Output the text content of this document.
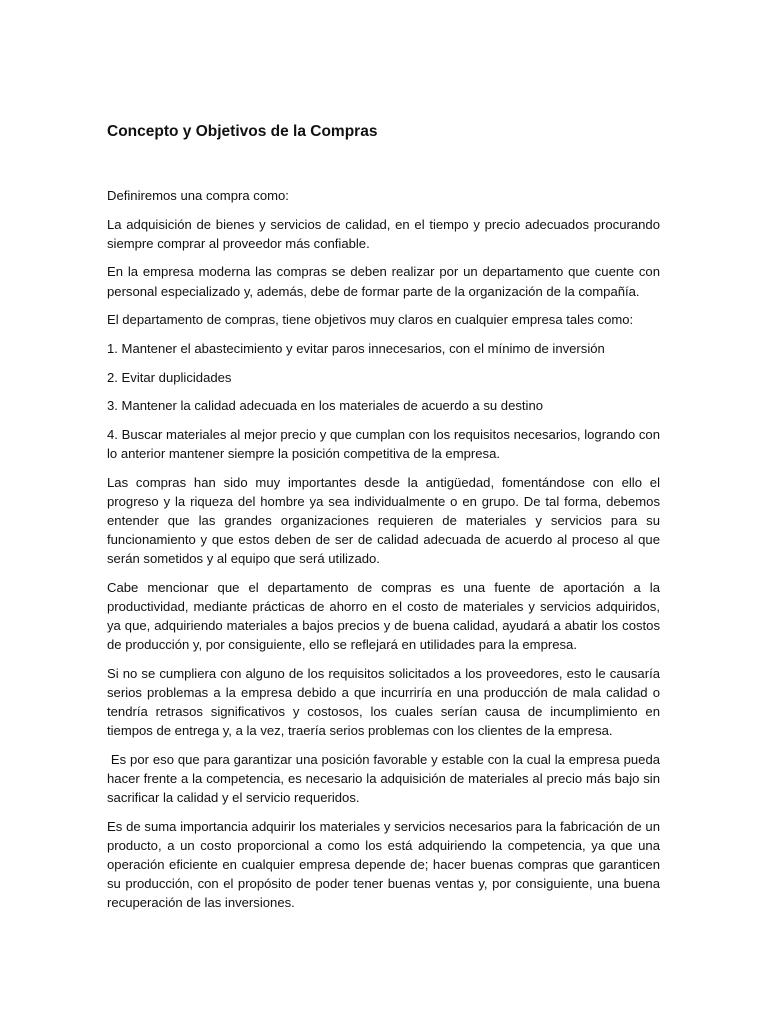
Concepto y Objetivos de la Compras

Definiremos una compra como:

La adquisición de bienes y servicios de calidad, en el tiempo y precio adecuados procurando siempre comprar al proveedor más confiable.

En la empresa moderna las compras se deben realizar por un departamento que cuente con personal especializado y, además, debe de formar parte de la organización de la compañía.

El departamento de compras, tiene objetivos muy claros en cualquier empresa tales como:

1. Mantener el abastecimiento y evitar paros innecesarios, con el mínimo de inversión

2. Evitar duplicidades

3. Mantener la calidad adecuada en los materiales de acuerdo a su destino

4. Buscar materiales al mejor precio y que cumplan con los requisitos necesarios, logrando con lo anterior mantener siempre la posición competitiva de la empresa.

Las compras han sido muy importantes desde la antigüedad, fomentándose con ello el progreso y la riqueza del hombre ya sea individualmente o en grupo. De tal forma, debemos entender que las grandes organizaciones requieren de materiales y servicios para su funcionamiento y que estos deben de ser de calidad adecuada de acuerdo al proceso al que serán sometidos y al equipo que será utilizado.

Cabe mencionar que el departamento de compras es una fuente de aportación a la productividad, mediante prácticas de ahorro en el costo de materiales y servicios adquiridos, ya que, adquiriendo materiales a bajos precios y de buena calidad, ayudará a abatir los costos de producción y, por consiguiente, ello se reflejará en utilidades para la empresa.

Si no se cumpliera con alguno de los requisitos solicitados a los proveedores, esto le causaría serios problemas a la empresa debido a que incurriría en una producción de mala calidad o tendría retrasos significativos y costosos, los cuales serían causa de incumplimiento en tiempos de entrega y, a la vez, traería serios problemas con los clientes de la empresa.

Es por eso que para garantizar una posición favorable y estable con la cual la empresa pueda hacer frente a la competencia, es necesario la adquisición de materiales al precio más bajo sin sacrificar la calidad y el servicio requeridos.

Es de suma importancia adquirir los materiales y servicios necesarios para la fabricación de un producto, a un costo proporcional a como los está adquiriendo la competencia, ya que una operación eficiente en cualquier empresa depende de; hacer buenas compras que garanticen su producción, con el propósito de poder tener buenas ventas y, por consiguiente, una buena recuperación de las inversiones.
